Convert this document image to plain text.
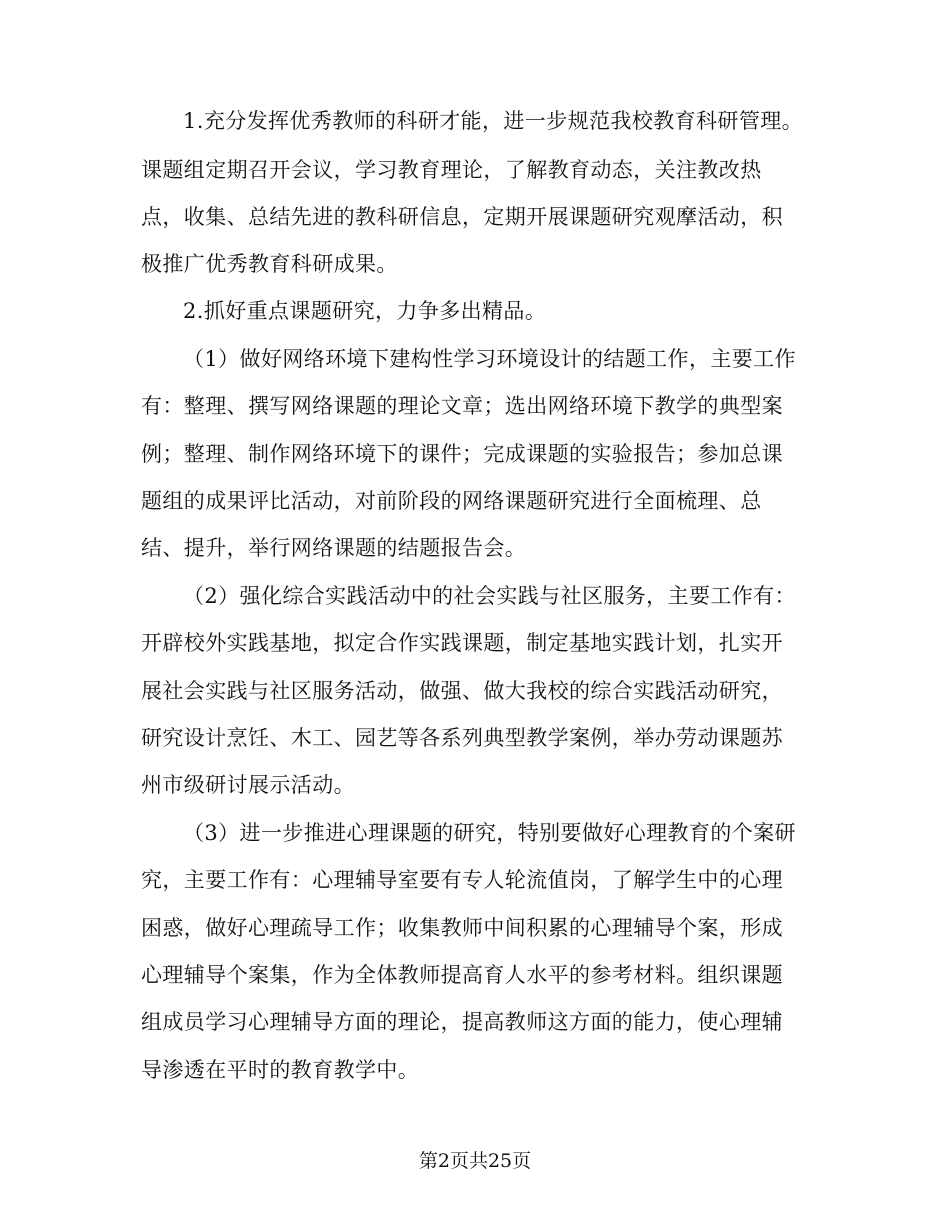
1.充分发挥优秀教师的科研才能，进一步规范我校教育科研管理。
课题组定期召开会议，学习教育理论，了解教育动态，关注教改热
点，收集、总结先进的教科研信息，定期开展课题研究观摩活动，积
极推广优秀教育科研成果。
2.抓好重点课题研究，力争多出精品。
（1）做好网络环境下建构性学习环境设计的结题工作，主要工作
有：整理、撰写网络课题的理论文章；选出网络环境下教学的典型案
例；整理、制作网络环境下的课件；完成课题的实验报告；参加总课
题组的成果评比活动，对前阶段的网络课题研究进行全面梳理、总
结、提升，举行网络课题的结题报告会。
（2）强化综合实践活动中的社会实践与社区服务，主要工作有：
开辟校外实践基地，拟定合作实践课题，制定基地实践计划，扎实开
展社会实践与社区服务活动，做强、做大我校的综合实践活动研究，
研究设计烹饪、木工、园艺等各系列典型教学案例，举办劳动课题苏
州市级研讨展示活动。
（3）进一步推进心理课题的研究，特别要做好心理教育的个案研
究，主要工作有：心理辅导室要有专人轮流值岗，了解学生中的心理
困惑，做好心理疏导工作；收集教师中间积累的心理辅导个案，形成
心理辅导个案集，作为全体教师提高育人水平的参考材料。组织课题
组成员学习心理辅导方面的理论，提高教师这方面的能力，使心理辅
导渗透在平时的教育教学中。
第2页共25页
